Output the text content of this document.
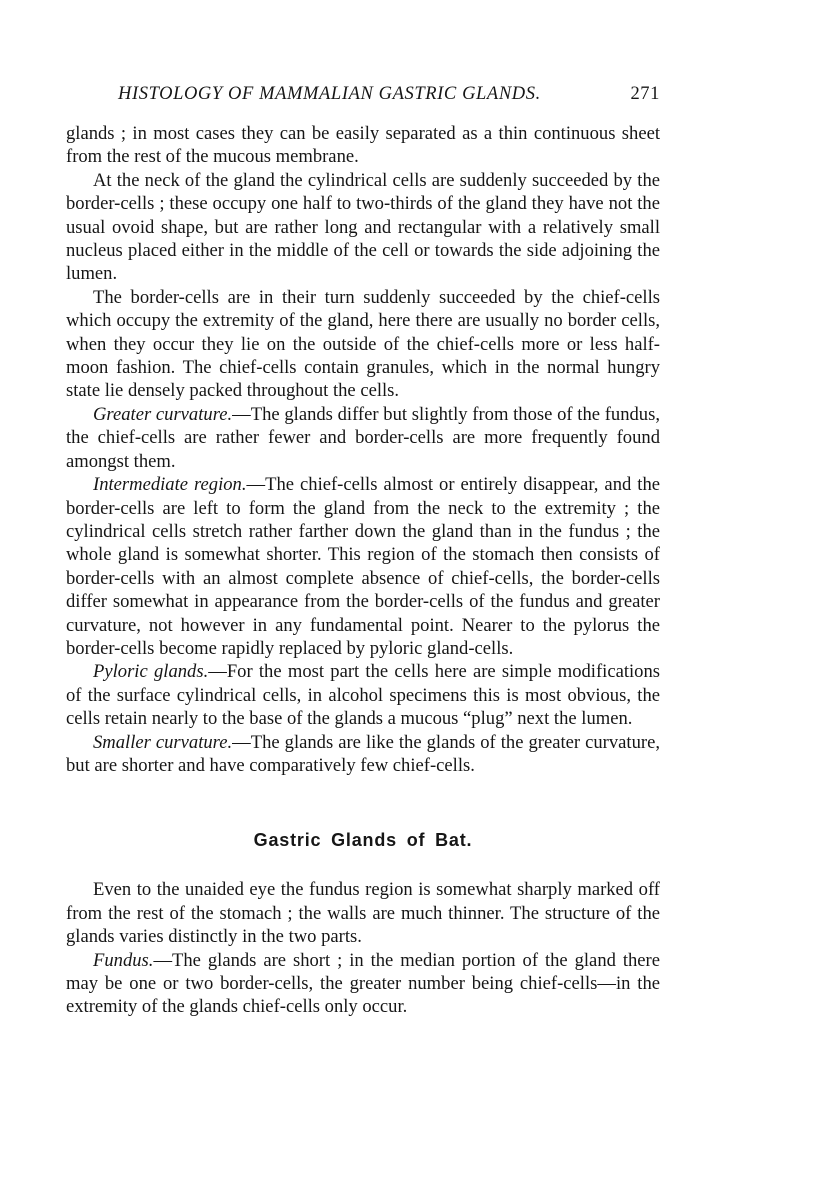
HISTOLOGY OF MAMMALIAN GASTRIC GLANDS.	271

glands ; in most cases they can be easily separated as a thin continuous sheet from the rest of the mucous membrane.

At the neck of the gland the cylindrical cells are suddenly succeeded by the border-cells ; these occupy one half to two-thirds of the gland they have not the usual ovoid shape, but are rather long and rectangular with a relatively small nucleus placed either in the middle of the cell or towards the side adjoining the lumen.

The border-cells are in their turn suddenly succeeded by the chief-cells which occupy the extremity of the gland, here there are usually no border cells, when they occur they lie on the outside of the chief-cells more or less half-moon fashion. The chief-cells contain granules, which in the normal hungry state lie densely packed throughout the cells.

Greater curvature.—The glands differ but slightly from those of the fundus, the chief-cells are rather fewer and border-cells are more frequently found amongst them.

Intermediate region.—The chief-cells almost or entirely disappear, and the border-cells are left to form the gland from the neck to the extremity ; the cylindrical cells stretch rather farther down the gland than in the fundus ; the whole gland is somewhat shorter. This region of the stomach then consists of border-cells with an almost complete absence of chief-cells, the border-cells differ somewhat in appearance from the border-cells of the fundus and greater curvature, not however in any fundamental point. Nearer to the pylorus the border-cells become rapidly replaced by pyloric gland-cells.

Pyloric glands.—For the most part the cells here are simple modifications of the surface cylindrical cells, in alcohol specimens this is most obvious, the cells retain nearly to the base of the glands a mucous “plug” next the lumen.

Smaller curvature.—The glands are like the glands of the greater curvature, but are shorter and have comparatively few chief-cells.

Gastric Glands of Bat.

Even to the unaided eye the fundus region is somewhat sharply marked off from the rest of the stomach ; the walls are much thinner. The structure of the glands varies distinctly in the two parts.

Fundus.—The glands are short ; in the median portion of the gland there may be one or two border-cells, the greater number being chief-cells—in the extremity of the glands chief-cells only occur.
